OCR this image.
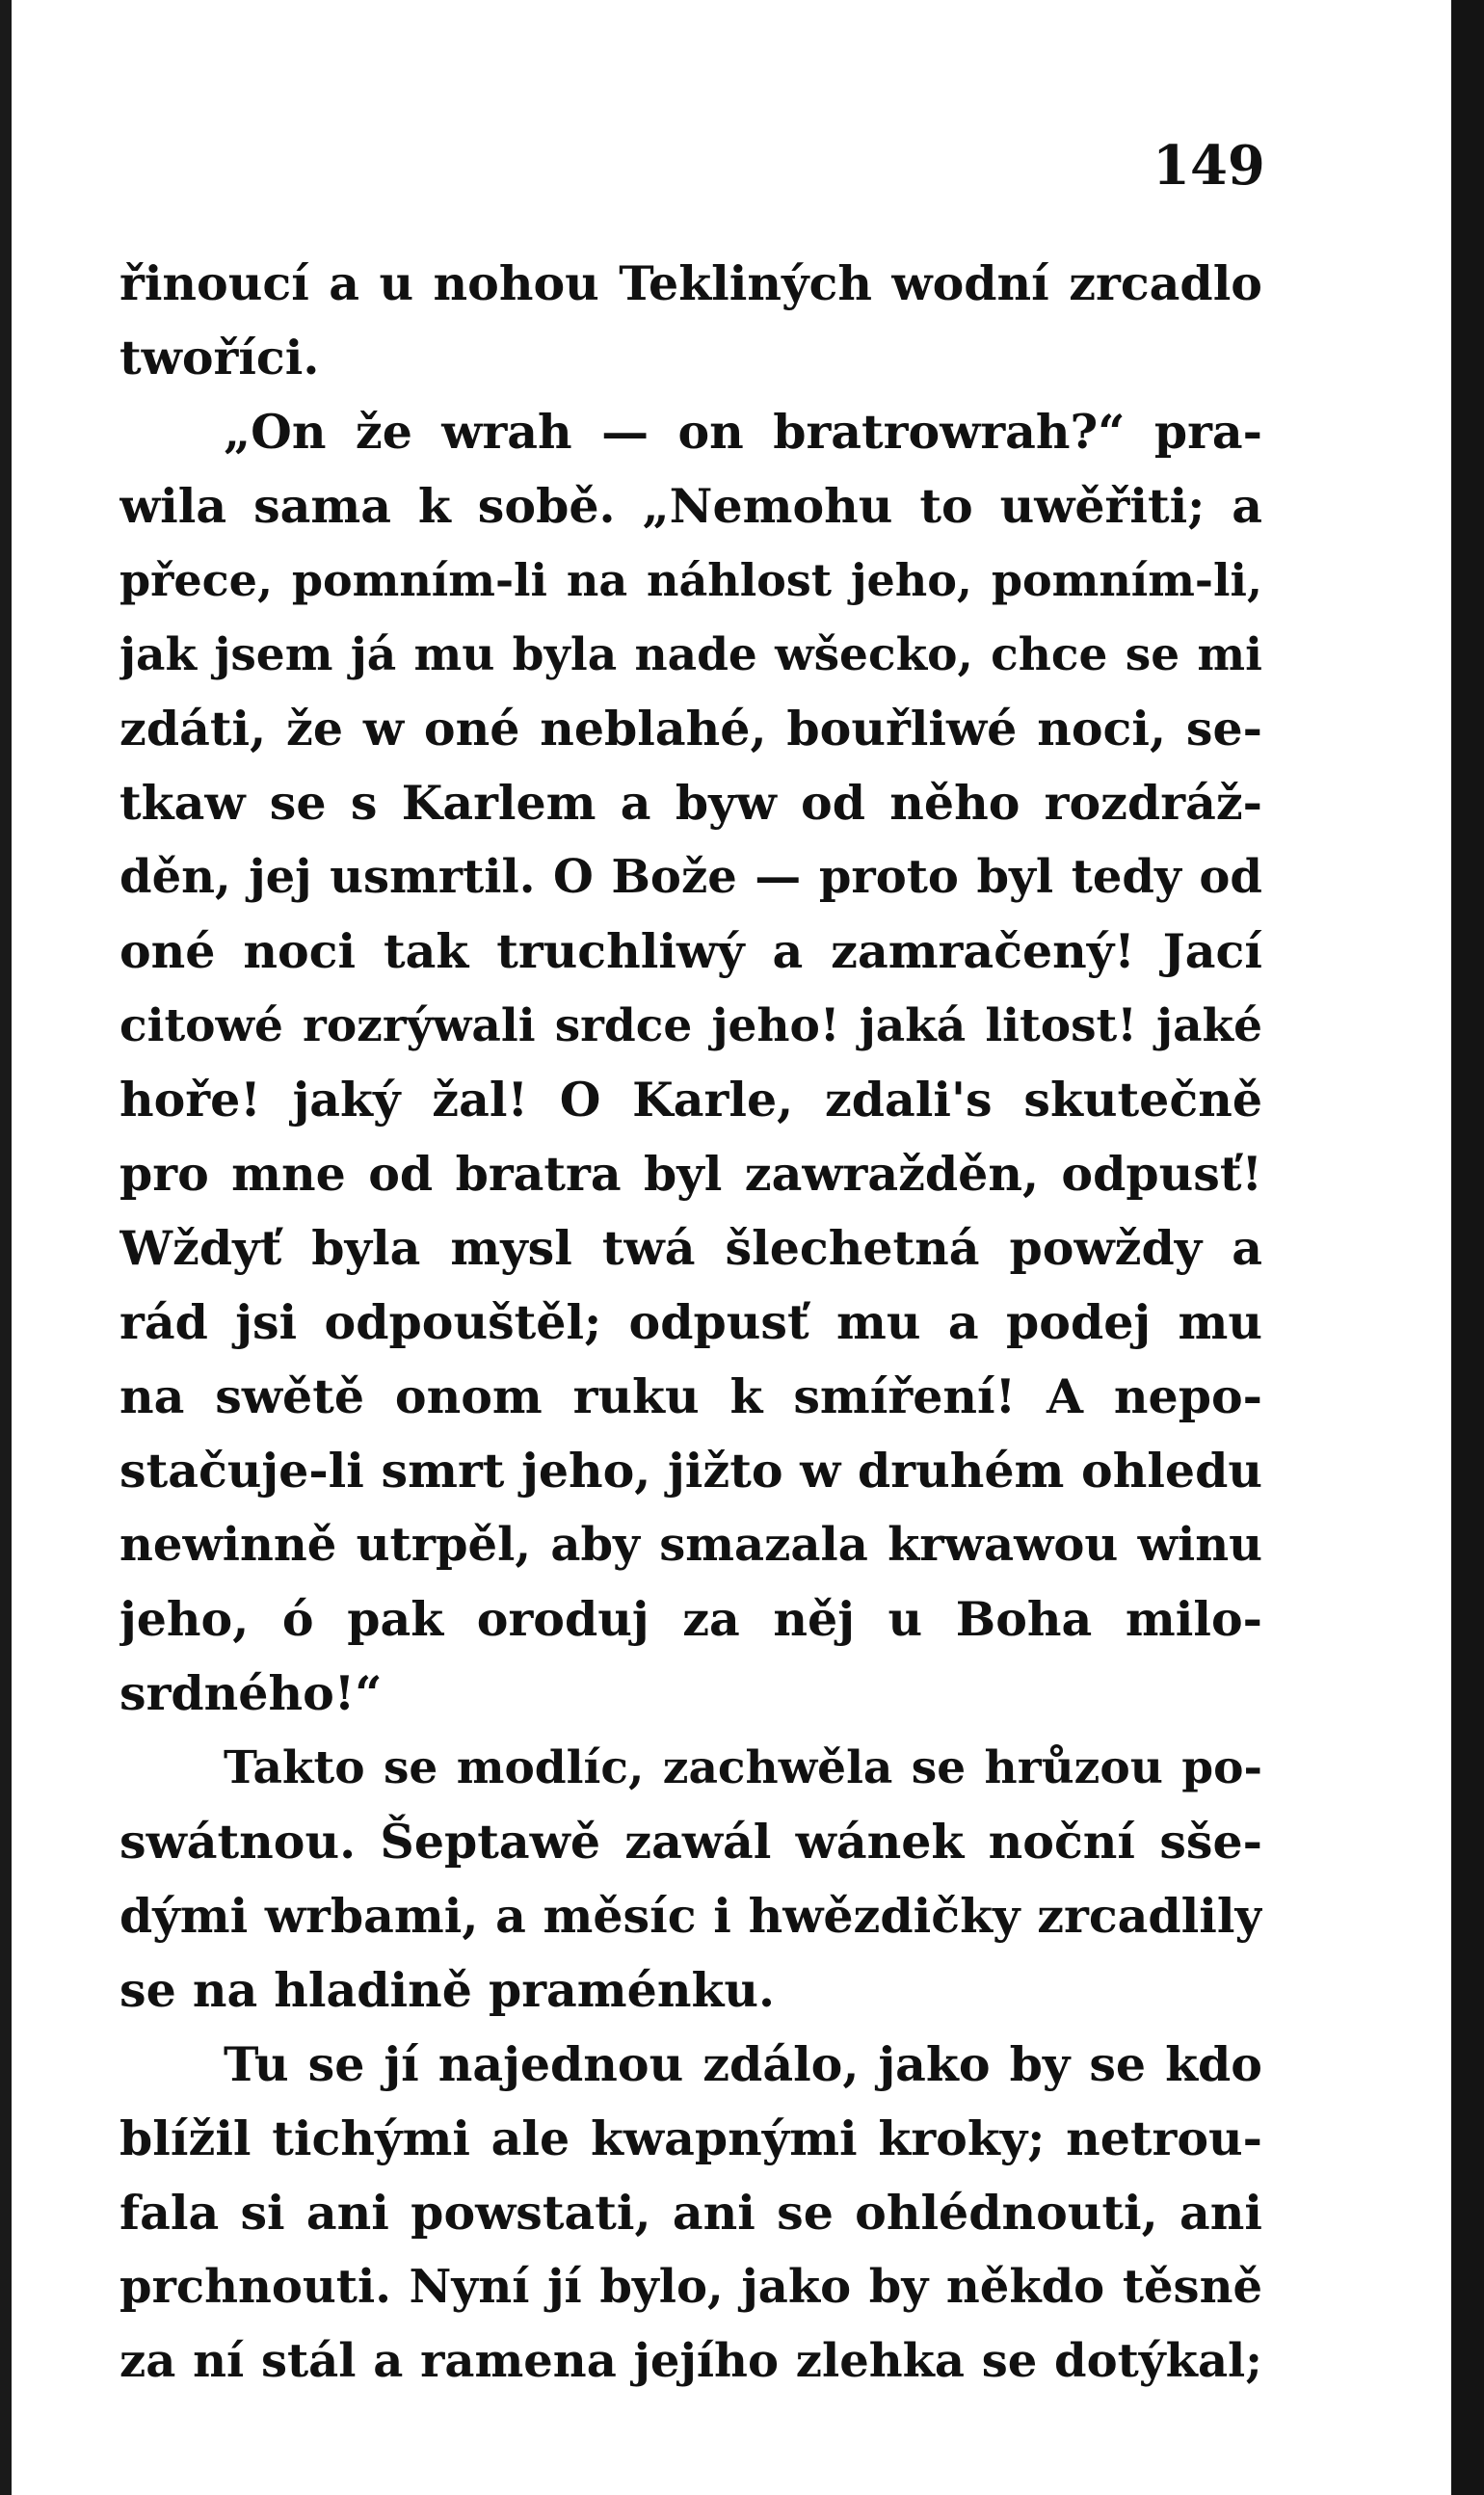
149
řinoucí a u nohou Tekliných wodní zrcadlo
twoříci.
„On že wrah — on bratrowrah?“ pra-
wila sama k sobě. „Nemohu to uwěřiti; a
přece, pomním-li na náhlost jeho, pomním-li,
jak jsem já mu byla nade wšecko, chce se mi
zdáti, že w oné neblahé, bouřliwé noci, se-
tkaw se s Karlem a byw od něho rozdráž-
děn, jej usmrtil. O Bože — proto byl tedy od
oné noci tak truchliwý a zamračený! Jací
citowé rozrýwali srdce jeho! jaká litost! jaké
hoře! jaký žal! O Karle, zdali's skutečně
pro mne od bratra byl zawražděn, odpusť!
Wždyť byla mysl twá šlechetná powždy a
rád jsi odpouštěl; odpusť mu a podej mu
na swětě onom ruku k smíření! A nepo-
stačuje-li smrt jeho, jižto w druhém ohledu
newinně utrpěl, aby smazala krwawou winu
jeho, ó pak oroduj za něj u Boha milo-
srdného!“
Takto se modlíc, zachwěla se hrůzou po-
swátnou. Šeptawě zawál wánek noční sše-
dými wrbami, a měsíc i hwězdičky zrcadlily
se na hladině praménku.
Tu se jí najednou zdálo, jako by se kdo
blížil tichými ale kwapnými kroky; netrou-
fala si ani powstati, ani se ohlédnouti, ani
prchnouti. Nyní jí bylo, jako by někdo těsně
za ní stál a ramena jejího zlehka se dotýkal;
